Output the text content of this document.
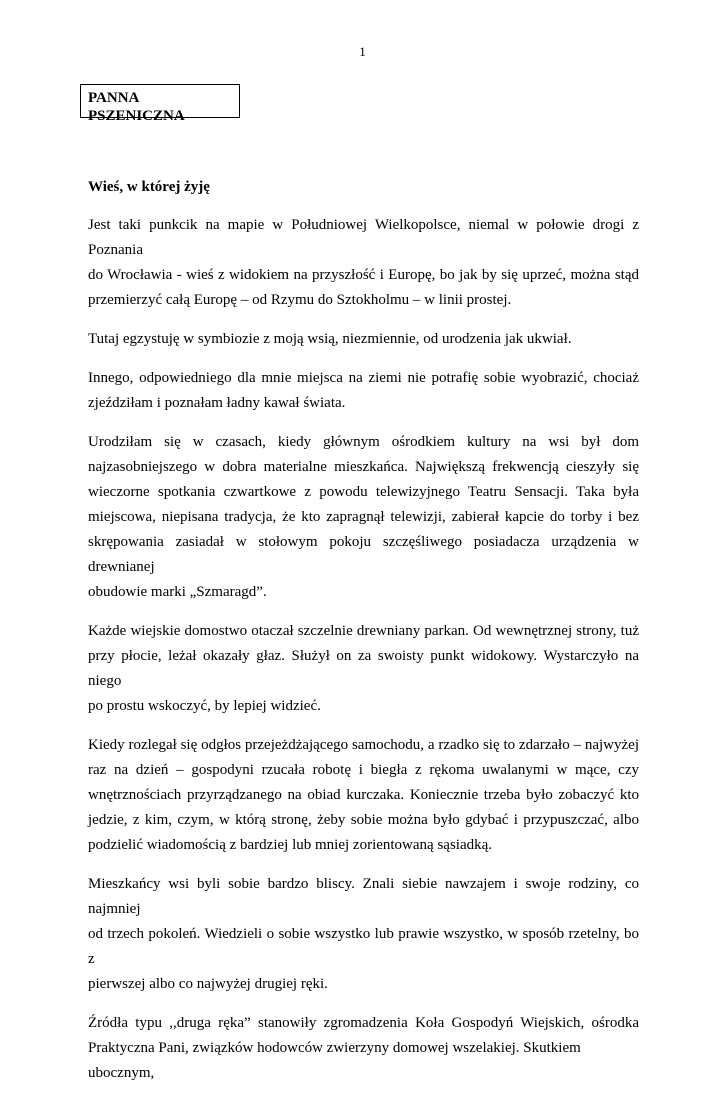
1
PANNA PSZENICZNA
Wieś, w której żyję

Jest taki punkcik na mapie w Południowej Wielkopolsce, niemal w połowie drogi z Poznania
do Wrocławia - wieś z widokiem na przyszłość i Europę, bo jak by się uprzeć, można stąd
przemierzyć całą Europę – od Rzymu do Sztokholmu – w linii prostej.

Tutaj egzystuję w symbiozie z moją wsią, niezmiennie, od urodzenia jak ukwiał.

Innego, odpowiedniego dla mnie miejsca na ziemi nie potrafię sobie wyobrazić, chociaż
zjeździłam i poznałam ładny kawał świata.

Urodziłam się w czasach, kiedy głównym ośrodkiem kultury na wsi był dom
najzasobniejszego w dobra materialne mieszkańca. Największą frekwencją cieszyły się
wieczorne spotkania czwartkowe z powodu telewizyjnego Teatru Sensacji. Taka była
miejscowa, niepisana tradycja, że kto zapragnął telewizji, zabierał kapcie do torby i bez
skrępowania zasiadał w stołowym pokoju szczęśliwego posiadacza urządzenia w drewnianej
obudowie marki „Szmaragd”.

Każde wiejskie domostwo otaczał szczelnie drewniany parkan. Od wewnętrznej strony, tuż
przy płocie, leżał okazały głaz. Służył on za swoisty punkt widokowy. Wystarczyło na niego
po prostu wskoczyć, by lepiej widzieć.

Kiedy rozlegał się odgłos przejeżdżającego samochodu, a rzadko się to zdarzało – najwyżej
raz na dzień – gospodyni rzucała robotę i biegła z rękoma uwalanymi w mące, czy
wnętrznościach przyrządzanego na obiad kurczaka. Koniecznie trzeba było zobaczyć kto
jedzie, z kim, czym, w którą stronę, żeby sobie można było gdybać i przypuszczać, albo
podzielić wiadomością z bardziej lub mniej zorientowaną sąsiadką.

Mieszkańcy wsi byli sobie bardzo bliscy. Znali siebie nawzajem i swoje rodziny, co najmniej
od trzech pokoleń. Wiedzieli o sobie wszystko lub prawie wszystko, w sposób rzetelny, bo z
pierwszej albo co najwyżej drugiej ręki.

Źródła typu ,,druga ręka” stanowiły zgromadzenia Koła Gospodyń Wiejskich, ośrodka
Praktyczna Pani, związków hodowców zwierzyny domowej wszelakiej. Skutkiem ubocznym,
